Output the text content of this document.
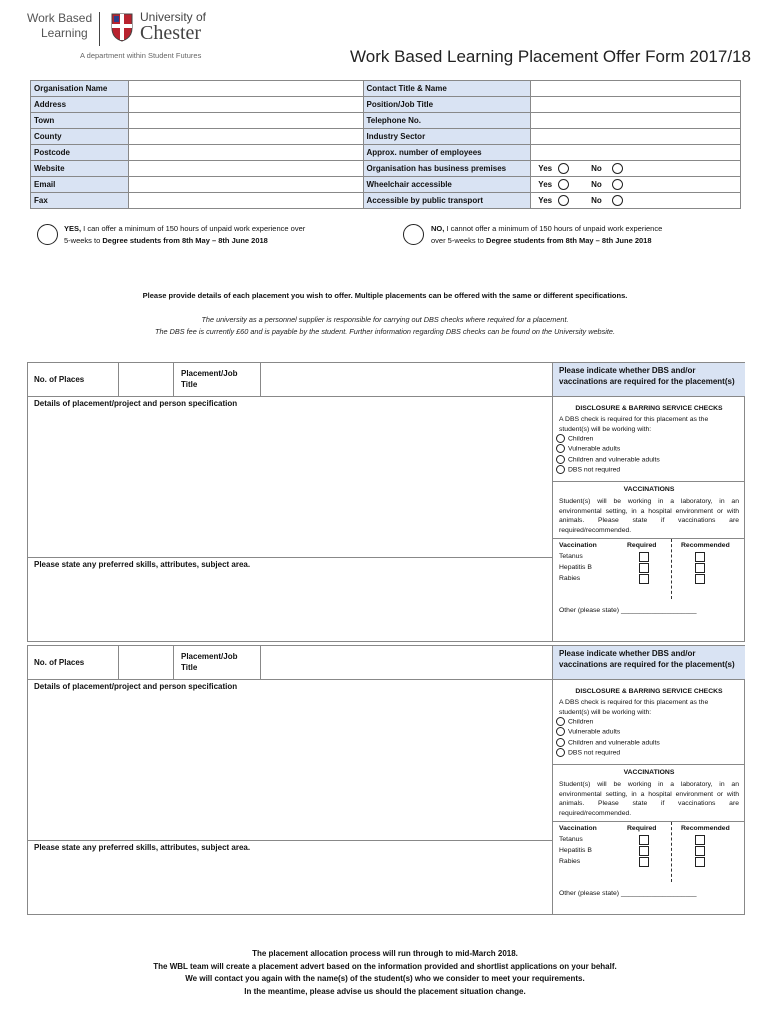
Work Based
Learning
University of
Chester
A department within Student Futures	Work Based Learning Placement Offer Form 2017/18
Organisation Name		Contact Title & Name	
Address		Position/Job Title	
Town		Telephone No.	
County		Industry Sector	
Postcode		Approx. number of employees	
Website		Organisation has business premises	Yes No
Email		Wheelchair accessible	Yes No
Fax		Accessible by public transport	Yes No
YES, I can offer a minimum of 150 hours of unpaid work experience over
5-weeks to Degree students from 8th May – 8th June 2018
NO, I cannot offer a minimum of 150 hours of unpaid work experience
over 5-weeks to Degree students from 8th May – 8th June 2018
Please provide details of each placement you wish to offer. Multiple placements can be offered with the same or different specifications.
The university as a personnel supplier is responsible for carrying out DBS checks where required for a placement.
The DBS fee is currently £60 and is payable by the student. Further information regarding DBS checks can be found on the University website.
No. of Places
Placement/Job Title
Details of placement/project and person specification
Please state any preferred skills, attributes, subject area.
Please indicate whether DBS and/or vaccinations are required for the placement(s)
DISCLOSURE & BARRING SERVICE CHECKS
A DBS check is required for this placement as the student(s) will be working with:
Children
Vulnerable adults
Children and vulnerable adults
DBS not required
VACCINATIONS
Student(s) will be working in a laboratory, in an environmental setting, in a hospital environment or with animals. Please state if vaccinations are required/recommended.
Vaccination	Required	Recommended
Tetanus
Hepatitis B
Rabies
Other (please state) ____________________
No. of Places
Placement/Job Title
Details of placement/project and person specification
Please state any preferred skills, attributes, subject area.
Please indicate whether DBS and/or vaccinations are required for the placement(s)
DISCLOSURE & BARRING SERVICE CHECKS
A DBS check is required for this placement as the student(s) will be working with:
Children
Vulnerable adults
Children and vulnerable adults
DBS not required
VACCINATIONS
Student(s) will be working in a laboratory, in an environmental setting, in a hospital environment or with animals. Please state if vaccinations are required/recommended.
Vaccination	Required	Recommended
Tetanus
Hepatitis B
Rabies
Other (please state) ____________________
The placement allocation process will run through to mid-March 2018.
The WBL team will create a placement advert based on the information provided and shortlist applications on your behalf.
We will contact you again with the name(s) of the student(s) who we consider to meet your requirements.
In the meantime, please advise us should the placement situation change.
